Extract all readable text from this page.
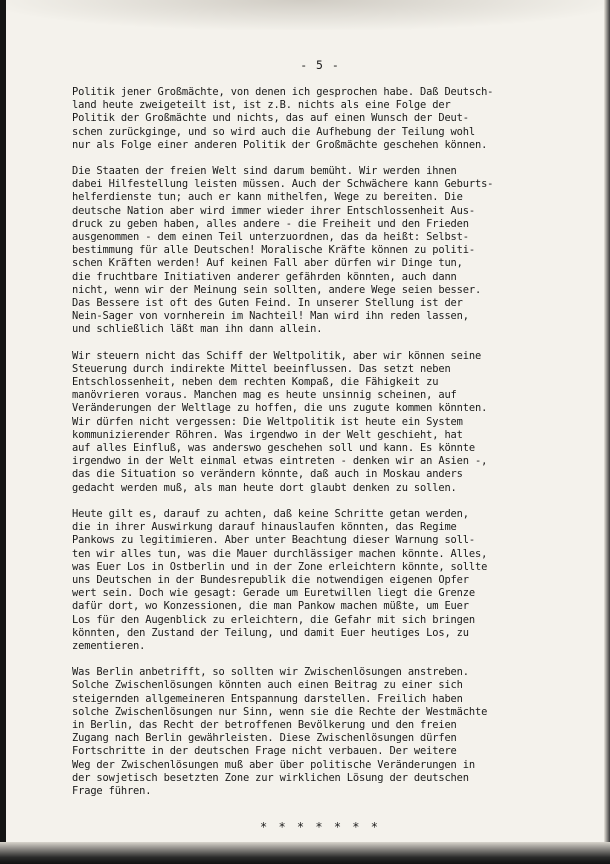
- 5 -
Politik jener Großmächte, von denen ich gesprochen habe. Daß Deutsch-
land heute zweigeteilt ist, ist z.B. nichts als eine Folge der
Politik der Großmächte und nichts, das auf einen Wunsch der Deut-
schen zurückginge, und so wird auch die Aufhebung der Teilung wohl
nur als Folge einer anderen Politik der Großmächte geschehen können.
Die Staaten der freien Welt sind darum bemüht. Wir werden ihnen
dabei Hilfestellung leisten müssen. Auch der Schwächere kann Geburts-
helferdienste tun; auch er kann mithelfen, Wege zu bereiten. Die
deutsche Nation aber wird immer wieder ihrer Entschlossenheit Aus-
druck zu geben haben, alles andere - die Freiheit und den Frieden
ausgenommen - dem einen Teil unterzuordnen, das da heißt: Selbst-
bestimmung für alle Deutschen! Moralische Kräfte können zu politi-
schen Kräften werden! Auf keinen Fall aber dürfen wir Dinge tun,
die fruchtbare Initiativen anderer gefährden könnten, auch dann
nicht, wenn wir der Meinung sein sollten, andere Wege seien besser.
Das Bessere ist oft des Guten Feind. In unserer Stellung ist der
Nein-Sager von vornherein im Nachteil! Man wird ihn reden lassen,
und schließlich läßt man ihn dann allein.
Wir steuern nicht das Schiff der Weltpolitik, aber wir können seine
Steuerung durch indirekte Mittel beeinflussen. Das setzt neben
Entschlossenheit, neben dem rechten Kompaß, die Fähigkeit zu
manövrieren voraus. Manchen mag es heute unsinnig scheinen, auf
Veränderungen der Weltlage zu hoffen, die uns zugute kommen könnten.
Wir dürfen nicht vergessen: Die Weltpolitik ist heute ein System
kommunizierender Röhren. Was irgendwo in der Welt geschieht, hat
auf alles Einfluß, was anderswo geschehen soll und kann. Es könnte
irgendwo in der Welt einmal etwas eintreten - denken wir an Asien -,
das die Situation so verändern könnte, daß auch in Moskau anders
gedacht werden muß, als man heute dort glaubt denken zu sollen.
Heute gilt es, darauf zu achten, daß keine Schritte getan werden,
die in ihrer Auswirkung darauf hinauslaufen könnten, das Regime
Pankows zu legitimieren. Aber unter Beachtung dieser Warnung soll-
ten wir alles tun, was die Mauer durchlässiger machen könnte. Alles,
was Euer Los in Ostberlin und in der Zone erleichtern könnte, sollte
uns Deutschen in der Bundesrepublik die notwendigen eigenen Opfer
wert sein. Doch wie gesagt: Gerade um Euretwillen liegt die Grenze
dafür dort, wo Konzessionen, die man Pankow machen müßte, um Euer
Los für den Augenblick zu erleichtern, die Gefahr mit sich bringen
könnten, den Zustand der Teilung, und damit Euer heutiges Los, zu
zementieren.
Was Berlin anbetrifft, so sollten wir Zwischenlösungen anstreben.
Solche Zwischenlösungen könnten auch einen Beitrag zu einer sich
steigernden allgemeineren Entspannung darstellen. Freilich haben
solche Zwischenlösungen nur Sinn, wenn sie die Rechte der Westmächte
in Berlin, das Recht der betroffenen Bevölkerung und den freien
Zugang nach Berlin gewährleisten. Diese Zwischenlösungen dürfen
Fortschritte in der deutschen Frage nicht verbauen. Der weitere
Weg der Zwischenlösungen muß aber über politische Veränderungen in
der sowjetisch besetzten Zone zur wirklichen Lösung der deutschen
Frage führen.
* * * * * * *
